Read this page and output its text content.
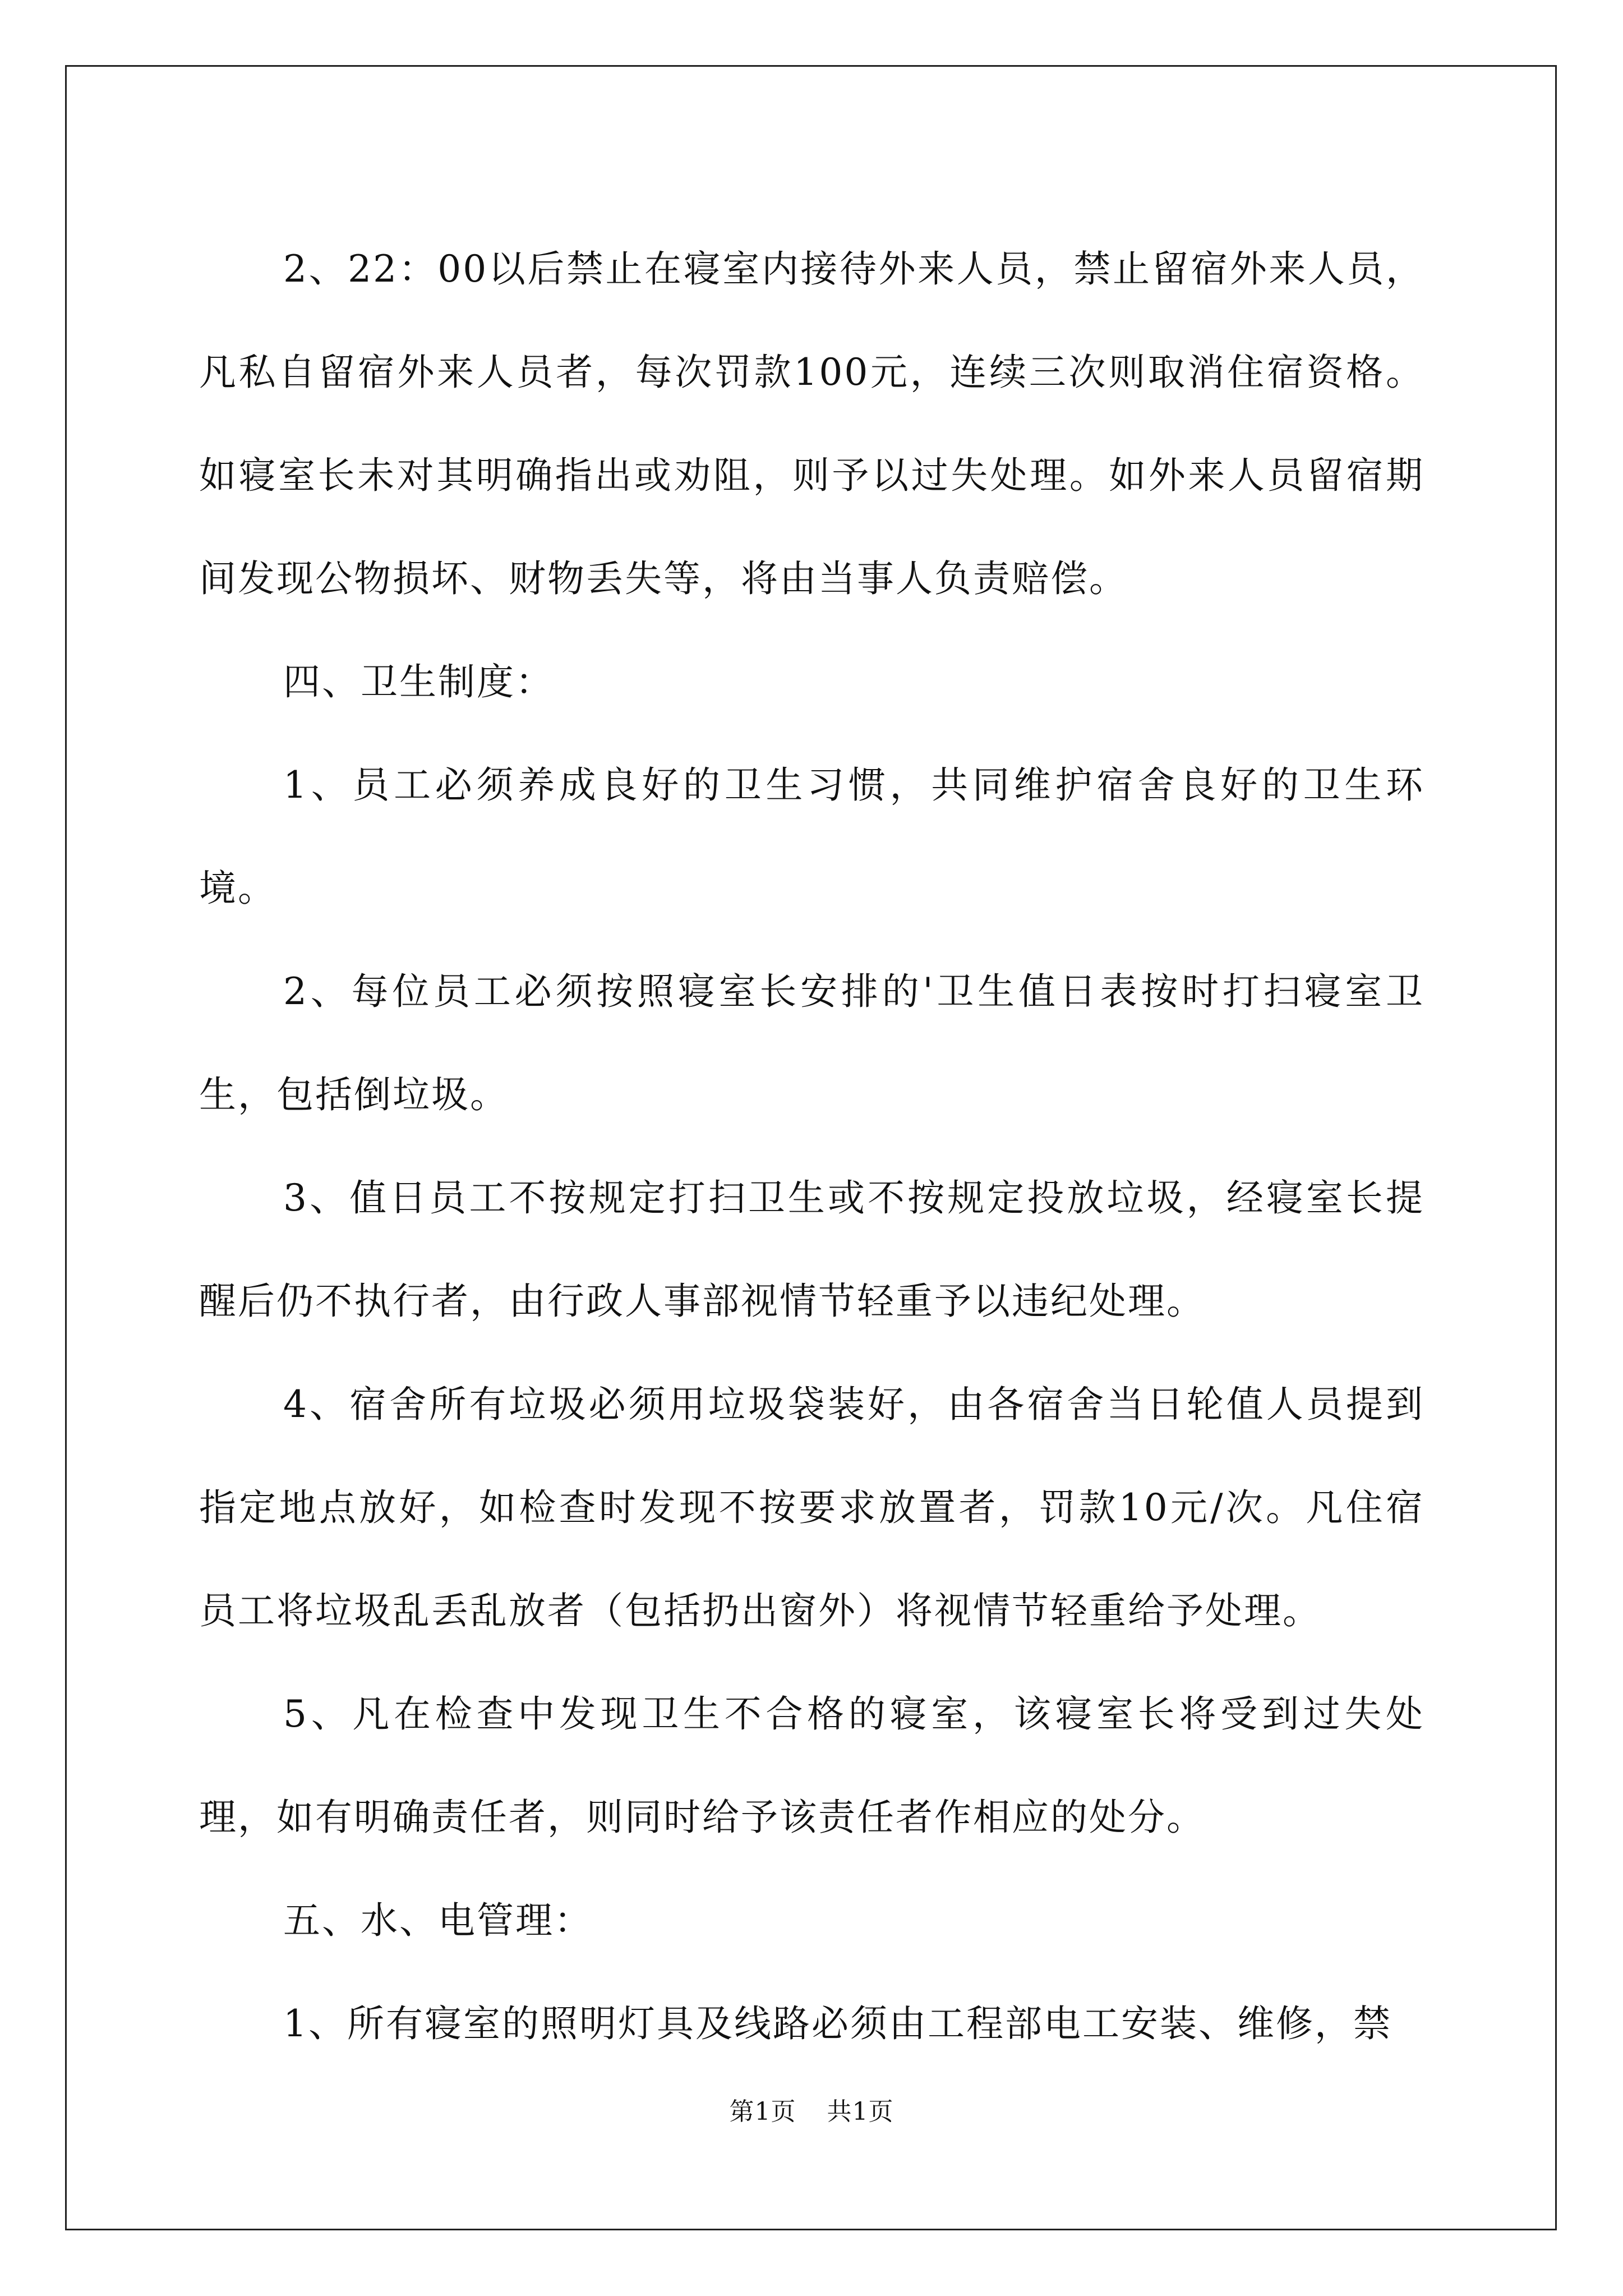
2、22：00以后禁止在寝室内接待外来人员，禁止留宿外来人员，凡私自留宿外来人员者，每次罚款100元，连续三次则取消住宿资格。如寝室长未对其明确指出或劝阻，则予以过失处理。如外来人员留宿期间发现公物损坏、财物丢失等，将由当事人负责赔偿。

四、卫生制度：

1、员工必须养成良好的卫生习惯，共同维护宿舍良好的卫生环境。

2、每位员工必须按照寝室长安排的'卫生值日表按时打扫寝室卫生，包括倒垃圾。

3、值日员工不按规定打扫卫生或不按规定投放垃圾，经寝室长提醒后仍不执行者，由行政人事部视情节轻重予以违纪处理。

4、宿舍所有垃圾必须用垃圾袋装好，由各宿舍当日轮值人员提到指定地点放好，如检查时发现不按要求放置者，罚款10元/次。凡住宿员工将垃圾乱丢乱放者（包括扔出窗外）将视情节轻重给予处理。

5、凡在检查中发现卫生不合格的寝室，该寝室长将受到过失处理，如有明确责任者，则同时给予该责任者作相应的处分。

五、水、电管理：

1、所有寝室的照明灯具及线路必须由工程部电工安装、维修，禁

第1页 共1页
